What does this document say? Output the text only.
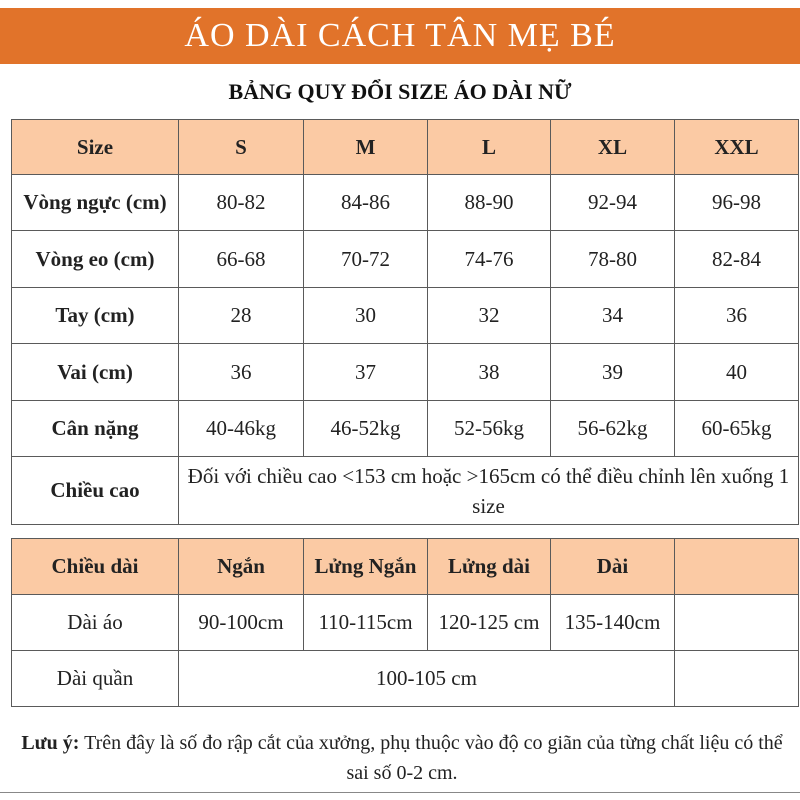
ÁO DÀI CÁCH TÂN MẸ BÉ
BẢNG QUY ĐỔI SIZE ÁO DÀI NỮ
Size	S	M	L	XL	XXL
Vòng ngực (cm)	80-82	84-86	88-90	92-94	96-98
Vòng eo (cm)	66-68	70-72	74-76	78-80	82-84
Tay (cm)	28	30	32	34	36
Vai (cm)	36	37	38	39	40
Cân nặng	40-46kg	46-52kg	52-56kg	56-62kg	60-65kg
Chiều cao	Đối với chiều cao <153 cm hoặc >165cm có thể điều chỉnh lên xuống 1 size				
Chiều dài	Ngắn	Lửng Ngắn	Lửng dài	Dài	
Dài áo	90-100cm	110-115cm	120-125 cm	135-140cm	
Dài quần	100-105 cm				
Lưu ý: Trên đây là số đo rập cắt của xưởng, phụ thuộc vào độ co giãn của từng chất liệu có thể sai số 0-2 cm.
